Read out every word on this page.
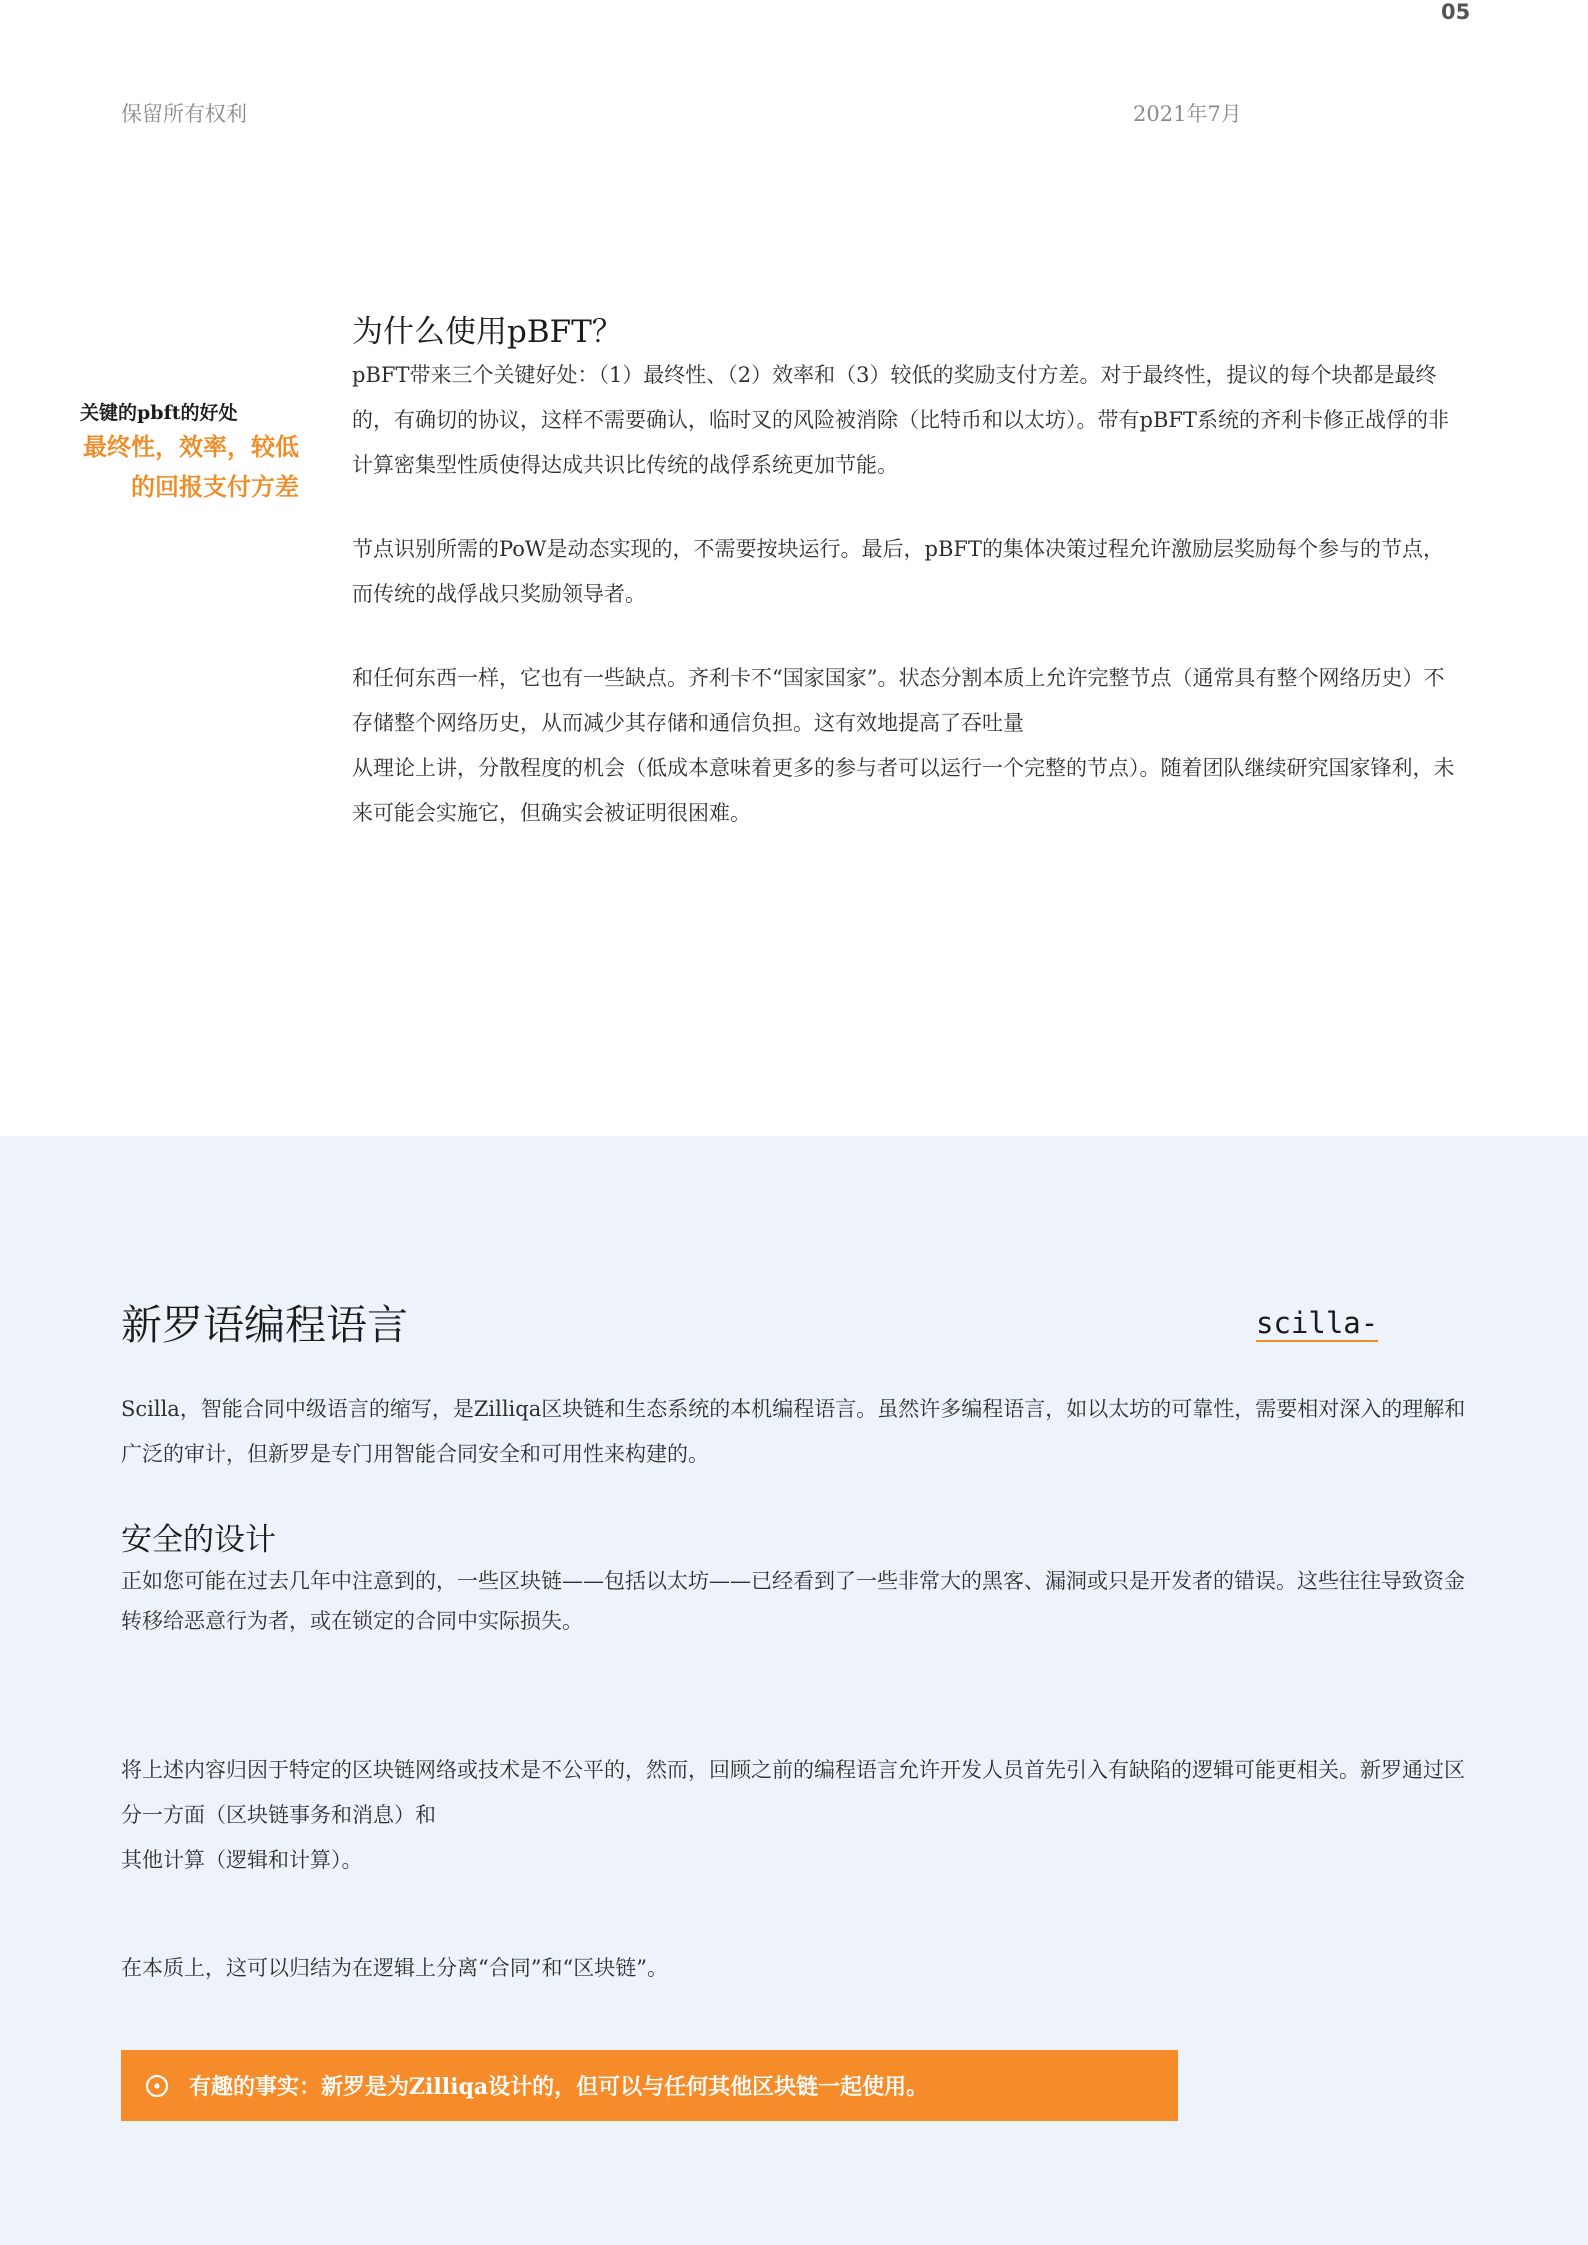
保留所有权利	2021年7月
05
关键的pbft的好处
最终性，效率，较低的回报支付方差
为什么使用pBFT？
pBFT带来三个关键好处：（1）最终性、（2）效率和（3）较低的奖励支付方差。对于最终性，提议的每个块都是最终的，有确切的协议，这样不需要确认，临时叉的风险被消除（比特币和以太坊）。带有pBFT系统的齐利卡修正战俘的非计算密集型性质使得达成共识比传统的战俘系统更加节能。
节点识别所需的PoW是动态实现的，不需要按块运行。最后，pBFT的集体决策过程允许激励层奖励每个参与的节点，而传统的战俘战只奖励领导者。
和任何东西一样，它也有一些缺点。齐利卡不“国家国家”。状态分割本质上允许完整节点（通常具有整个网络历史）不存储整个网络历史，从而减少其存储和通信负担。这有效地提高了吞吐量
从理论上讲，分散程度的机会（低成本意味着更多的参与者可以运行一个完整的节点）。随着团队继续研究国家锋利，未来可能会实施它，但确实会被证明很困难。
新罗语编程语言	scilla-
Scilla，智能合同中级语言的缩写，是Zilliqa区块链和生态系统的本机编程语言。虽然许多编程语言，如以太坊的可靠性，需要相对深入的理解和广泛的审计，但新罗是专门用智能合同安全和可用性来构建的。
安全的设计
正如您可能在过去几年中注意到的，一些区块链——包括以太坊——已经看到了一些非常大的黑客、漏洞或只是开发者的错误。这些往往导致资金转移给恶意行为者，或在锁定的合同中实际损失。
将上述内容归因于特定的区块链网络或技术是不公平的，然而，回顾之前的编程语言允许开发人员首先引入有缺陷的逻辑可能更相关。新罗通过区分一方面（区块链事务和消息）和
其他计算（逻辑和计算）。
在本质上，这可以归结为在逻辑上分离“合同”和“区块链”。
有趣的事实：新罗是为Zilliqa设计的，但可以与任何其他区块链一起使用。
